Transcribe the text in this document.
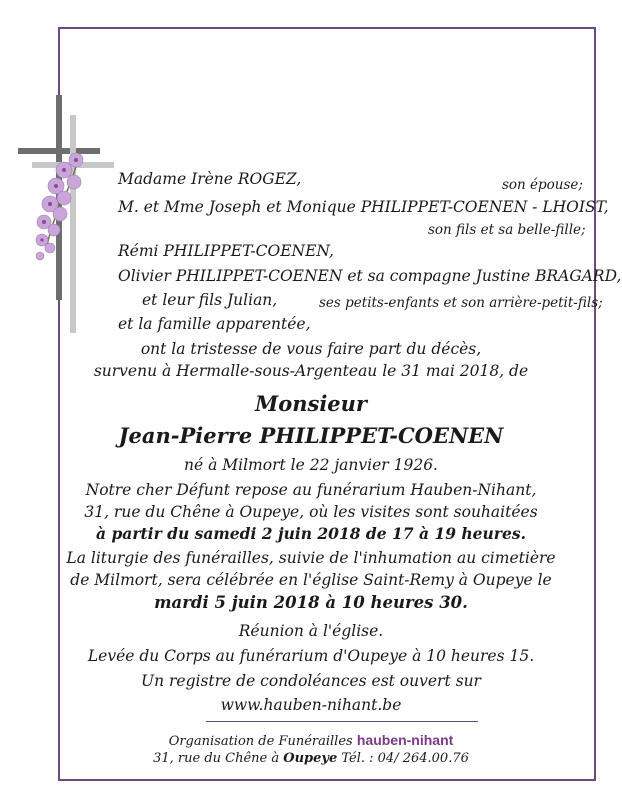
Madame Irène ROGEZ,	son épouse;
M. et Mme Joseph et Monique PHILIPPET-COENEN - LHOIST,
son fils et sa belle-fille;
Rémi PHILIPPET-COENEN,
Olivier PHILIPPET-COENEN et sa compagne Justine BRAGARD,
et leur fils Julian,	ses petits-enfants et son arrière-petit-fils;
et la famille apparentée,
ont la tristesse de vous faire part du décès,
survenu à Hermalle-sous-Argenteau le 31 mai 2018, de
Monsieur
Jean-Pierre PHILIPPET-COENEN
né à Milmort le 22 janvier 1926.
Notre cher Défunt repose au funérarium Hauben-Nihant,
31, rue du Chêne à Oupeye, où les visites sont souhaitées
à partir du samedi 2 juin 2018 de 17 à 19 heures.
La liturgie des funérailles, suivie de l'inhumation au cimetière
de Milmort, sera célébrée en l'église Saint-Remy à Oupeye le
mardi 5 juin 2018 à 10 heures 30.
Réunion à l'église.
Levée du Corps au funérarium d'Oupeye à 10 heures 15.
Un registre de condoléances est ouvert sur
www.hauben-nihant.be
Organisation de Funérailles hauben-nihant
31, rue du Chêne à Oupeye Tél. : 04/ 264.00.76
